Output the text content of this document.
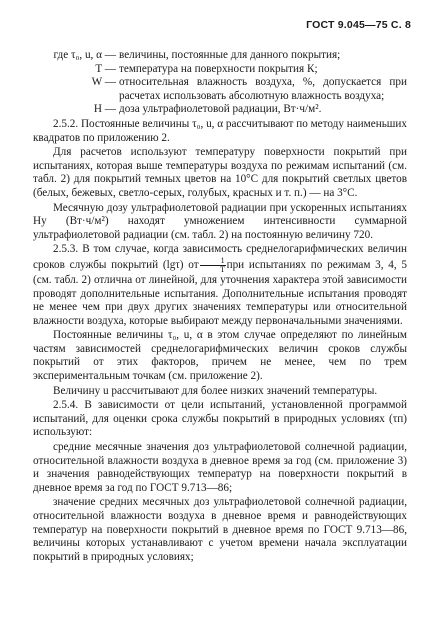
ГОСТ 9.045—75 С. 8
где τ₀, u, α — величины, постоянные для данного покрытия;
T — температура на поверхности покрытия К;
W — относительная влажность воздуха, %, допускается при расчетах использовать абсолютную влажность воздуха;
H — доза ультрафиолетовой радиации, Вт·ч/м².

2.5.2. Постоянные величины τ₀, u, α рассчитывают по методу наименьших квадратов по приложению 2.

Для расчетов используют температуру поверхности покрытий при испытаниях, которая выше температуры воздуха по режимам испытаний (см. табл. 2) для покрытий темных цветов на 10°С для покрытий светлых цветов (белых, бежевых, светло-серых, голубых, красных и т. п.) — на 3°С.

Месячную дозу ультрафиолетовой радиации при ускоренных испытаниях Hу (Вт·ч/м²) находят умножением интенсивности суммарной ультрафиолетовой радиации (см. табл. 2) на постоянную величину 720.

2.5.3. В том случае, когда зависимость среднелогарифмических величин сроков службы покрытий (lgτ) от $\frac{1}{T}$ при испытаниях по режимам 3, 4, 5 (см. табл. 2) отлична от линейной, для уточнения характера этой зависимости проводят дополнительные испытания. Дополнительные испытания проводят не менее чем при двух других значениях температуры или относительной влажности воздуха, которые выбирают между первоначальными значениями.

Постоянные величины τ₀, u, α в этом случае определяют по линейным частям зависимостей среднелогарифмических величин сроков службы покрытий от этих факторов, причем не менее, чем по трем экспериментальным точкам (см. приложение 2).

Величину u рассчитывают для более низких значений температуры.

2.5.4. В зависимости от цели испытаний, установленной программой испытаний, для оценки срока службы покрытий в природных условиях (τп) используют:

средние месячные значения доз ультрафиолетовой солнечной радиации, относительной влажности воздуха в дневное время за год (см. приложение 3) и значения равнодействующих температур на поверхности покрытий в дневное время за год по ГОСТ 9.713—86;

значение средних месячных доз ультрафиолетовой солнечной радиации, относительной влажности воздуха в дневное время и равнодействующих температур на поверхности покрытий в дневное время по ГОСТ 9.713—86, величины которых устанавливают с учетом времени начала эксплуатации покрытий в природных условиях;
